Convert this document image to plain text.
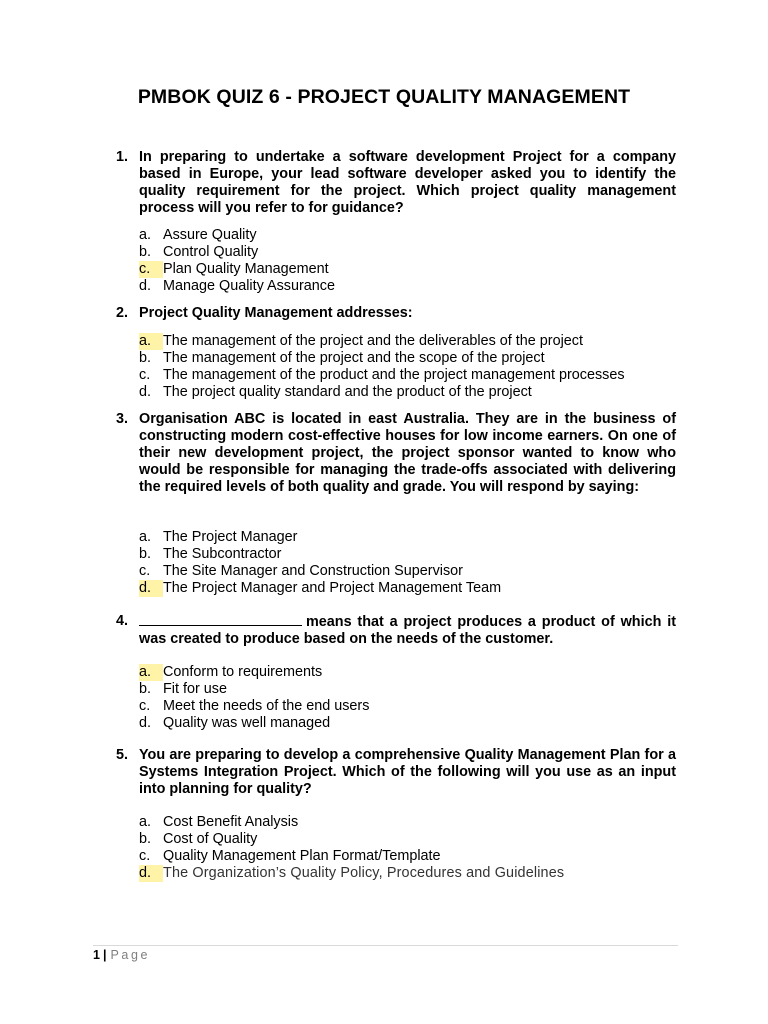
PMBOK QUIZ 6 - PROJECT QUALITY MANAGEMENT
1. In preparing to undertake a software development Project for a company based in Europe, your lead software developer asked you to identify the quality requirement for the project. Which project quality management process will you refer to for guidance?
a. Assure Quality
b. Control Quality
c. Plan Quality Management
d. Manage Quality Assurance
2. Project Quality Management addresses:
a. The management of the project and the deliverables of the project
b. The management of the project and the scope of the project
c. The management of the product and the project management processes
d. The project quality standard and the product of the project
3. Organisation ABC is located in east Australia. They are in the business of constructing modern cost-effective houses for low income earners. On one of their new development project, the project sponsor wanted to know who would be responsible for managing the trade-offs associated with delivering the required levels of both quality and grade. You will respond by saying:
a. The Project Manager
b. The Subcontractor
c. The Site Manager and Construction Supervisor
d. The Project Manager and Project Management Team
4.	means that a project produces a product of which it was created to produce based on the needs of the customer.
a. Conform to requirements
b. Fit for use
c. Meet the needs of the end users
d. Quality was well managed
5. You are preparing to develop a comprehensive Quality Management Plan for a Systems Integration Project. Which of the following will you use as an input into planning for quality?
a. Cost Benefit Analysis
b. Cost of Quality
c. Quality Management Plan Format/Template
d. The Organization’s Quality Policy, Procedures and Guidelines
1 | Page
